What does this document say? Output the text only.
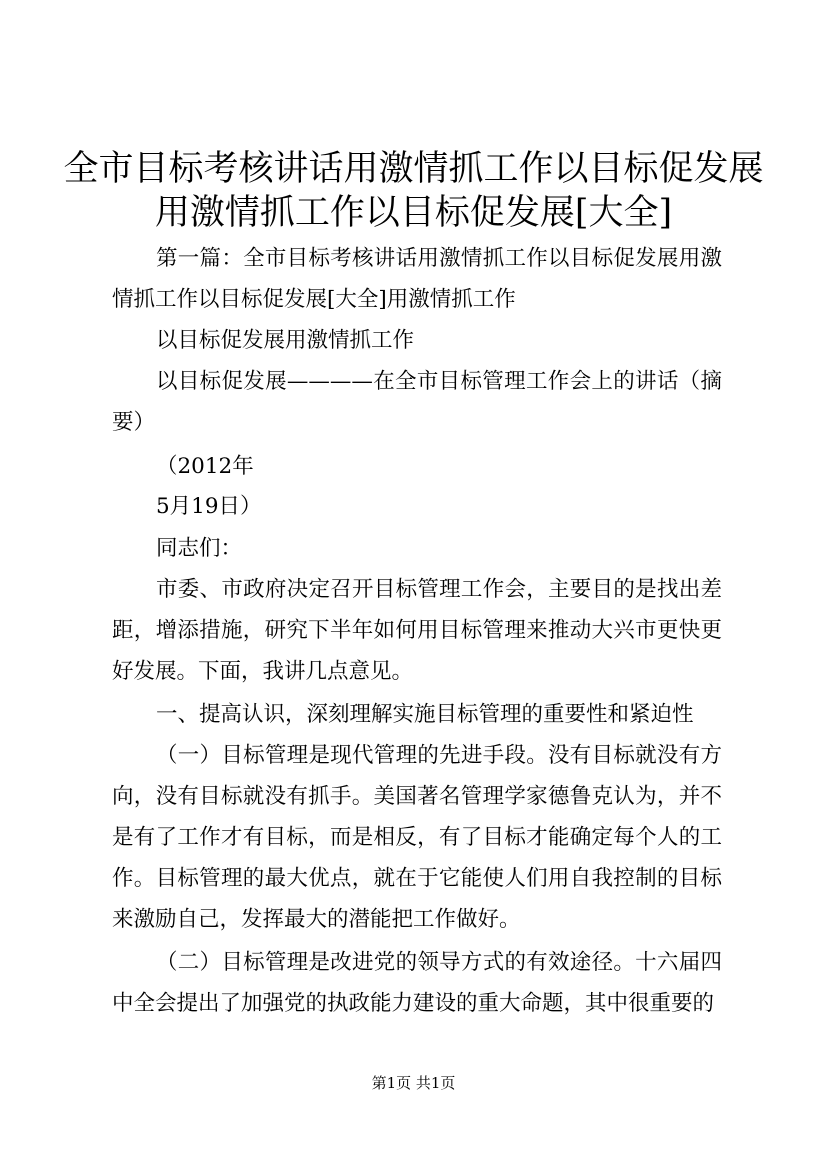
全市目标考核讲话用激情抓工作以目标促发展
用激情抓工作以目标促发展[大全]

第一篇：全市目标考核讲话用激情抓工作以目标促发展用激情抓工作以目标促发展[大全]用激情抓工作

以目标促发展用激情抓工作

以目标促发展————在全市目标管理工作会上的讲话（摘要）

（2012年

5月19日）

同志们：

市委、市政府决定召开目标管理工作会，主要目的是找出差距，增添措施，研究下半年如何用目标管理来推动大兴市更快更好发展。下面，我讲几点意见。

一、提高认识，深刻理解实施目标管理的重要性和紧迫性

（一）目标管理是现代管理的先进手段。没有目标就没有方向，没有目标就没有抓手。美国著名管理学家德鲁克认为，并不是有了工作才有目标，而是相反，有了目标才能确定每个人的工作。目标管理的最大优点，就在于它能使人们用自我控制的目标来激励自己，发挥最大的潜能把工作做好。

（二）目标管理是改进党的领导方式的有效途径。十六届四中全会提出了加强党的执政能力建设的重大命题，其中很重要的

第1页 共1页
